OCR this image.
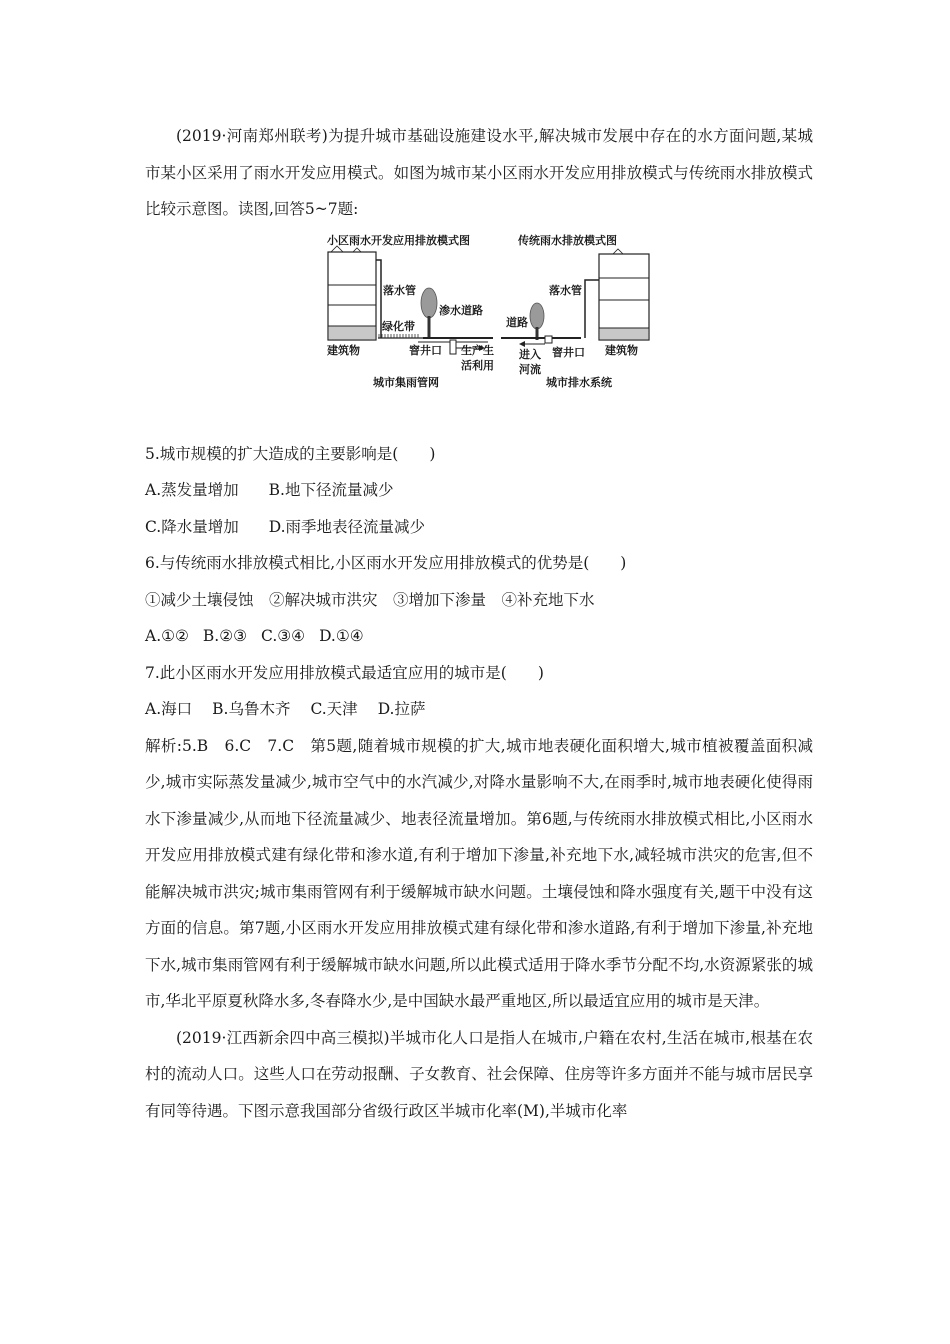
(2019·河南郑州联考)为提升城市基础设施建设水平,解决城市发展中存在的水方面问题,某城市某小区采用了雨水开发应用模式。如图为城市某小区雨水开发应用排放模式与传统雨水排放模式比较示意图。读图,回答5~7题:

小区雨水开发应用排放模式图	传统雨水排放模式图
落水管
绿化带
渗水道路
窨井口 生产生
活利用
建筑物
城市集雨管网
道路
进入
河流
窨井口
落水管
建筑物
城市排水系统

5.城市规模的扩大造成的主要影响是(　　)

A.蒸发量增加 B.地下径流量减少

C.降水量增加 D.雨季地表径流量减少

6.与传统雨水排放模式相比,小区雨水开发应用排放模式的优势是(　　)

①减少土壤侵蚀　②解决城市洪灾　③增加下渗量　④补充地下水

A.①② B.②③ C.③④ D.①④

7.此小区雨水开发应用排放模式最适宜应用的城市是(　　)

A.海口 B.乌鲁木齐 C.天津 D.拉萨

解析:5.B　6.C　7.C　第5题,随着城市规模的扩大,城市地表硬化面积增大,城市植被覆盖面积减少,城市实际蒸发量减少,城市空气中的水汽减少,对降水量影响不大,在雨季时,城市地表硬化使得雨水下渗量减少,从而地下径流量减少、地表径流量增加。第6题,与传统雨水排放模式相比,小区雨水开发应用排放模式建有绿化带和渗水道,有利于增加下渗量,补充地下水,减轻城市洪灾的危害,但不能解决城市洪灾;城市集雨管网有利于缓解城市缺水问题。土壤侵蚀和降水强度有关,题干中没有这方面的信息。第7题,小区雨水开发应用排放模式建有绿化带和渗水道路,有利于增加下渗量,补充地下水,城市集雨管网有利于缓解城市缺水问题,所以此模式适用于降水季节分配不均,水资源紧张的城市,华北平原夏秋降水多,冬春降水少,是中国缺水最严重地区,所以最适宜应用的城市是天津。

(2019·江西新余四中高三模拟)半城市化人口是指人在城市,户籍在农村,生活在城市,根基在农村的流动人口。这些人口在劳动报酬、子女教育、社会保障、住房等许多方面并不能与城市居民享有同等待遇。下图示意我国部分省级行政区半城市化率(M),半城市化率
